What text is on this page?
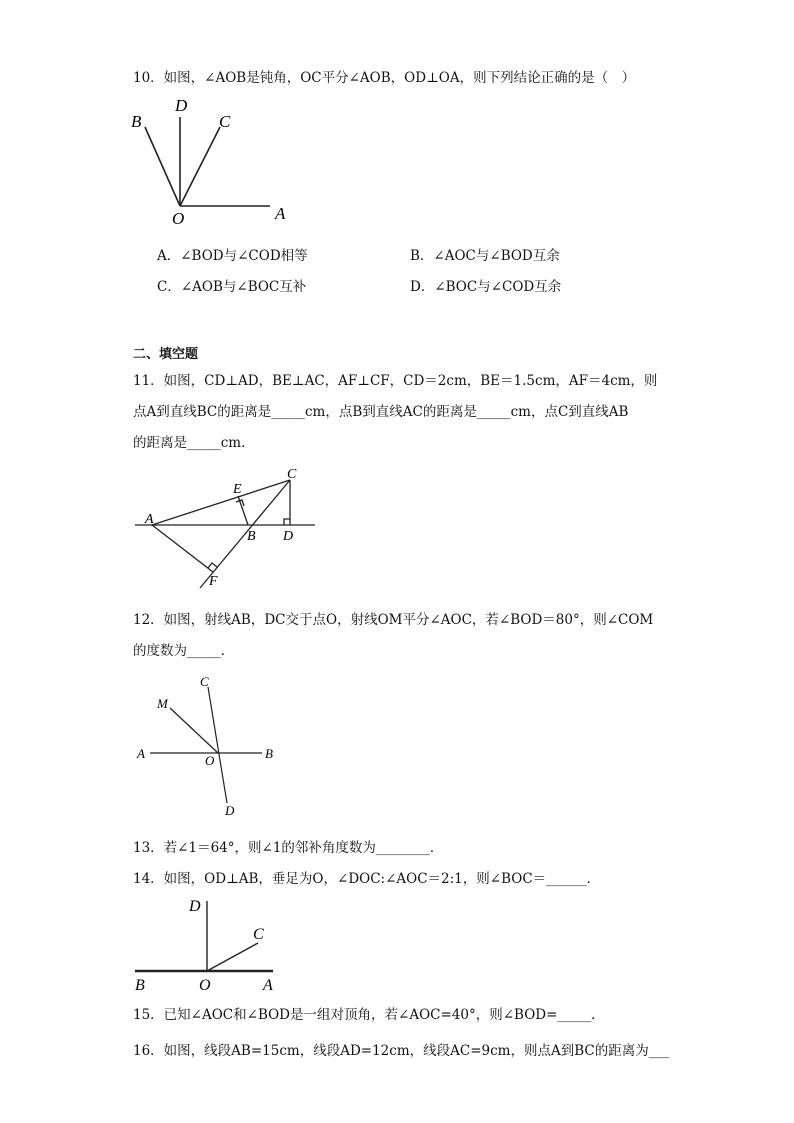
10．如图，∠AOB是钝角，OC平分∠AOB，OD⊥OA，则下列结论正确的是（　）
B
D
C
O	A
A．∠BOD与∠COD相等	B．∠AOC与∠BOD互余
C．∠AOB与∠BOC互补	D．∠BOC与∠COD互余
二、填空题
11．如图，CD⊥AD，BE⊥AC，AF⊥CF，CD＝2cm，BE＝1.5cm，AF＝4cm，则
点A到直线BC的距离是_____cm，点B到直线AC的距离是_____cm，点C到直线AB
的距离是_____cm．
C
E
A
B D
F
12．如图，射线AB，DC交于点O，射线OM平分∠AOC，若∠BOD＝80°，则∠COM
的度数为_____．
C
M
A	O	B
D
13．若∠1＝64°，则∠1的邻补角度数为________．
14．如图，OD⊥AB，垂足为O，∠DOC:∠AOC＝2:1，则∠BOC＝______．
D
C
B	O	A
15．已知∠AOC和∠BOD是一组对顶角，若∠AOC=40°，则∠BOD=_____．
16．如图，线段AB=15cm，线段AD=12cm，线段AC=9cm，则点A到BC的距离为___
